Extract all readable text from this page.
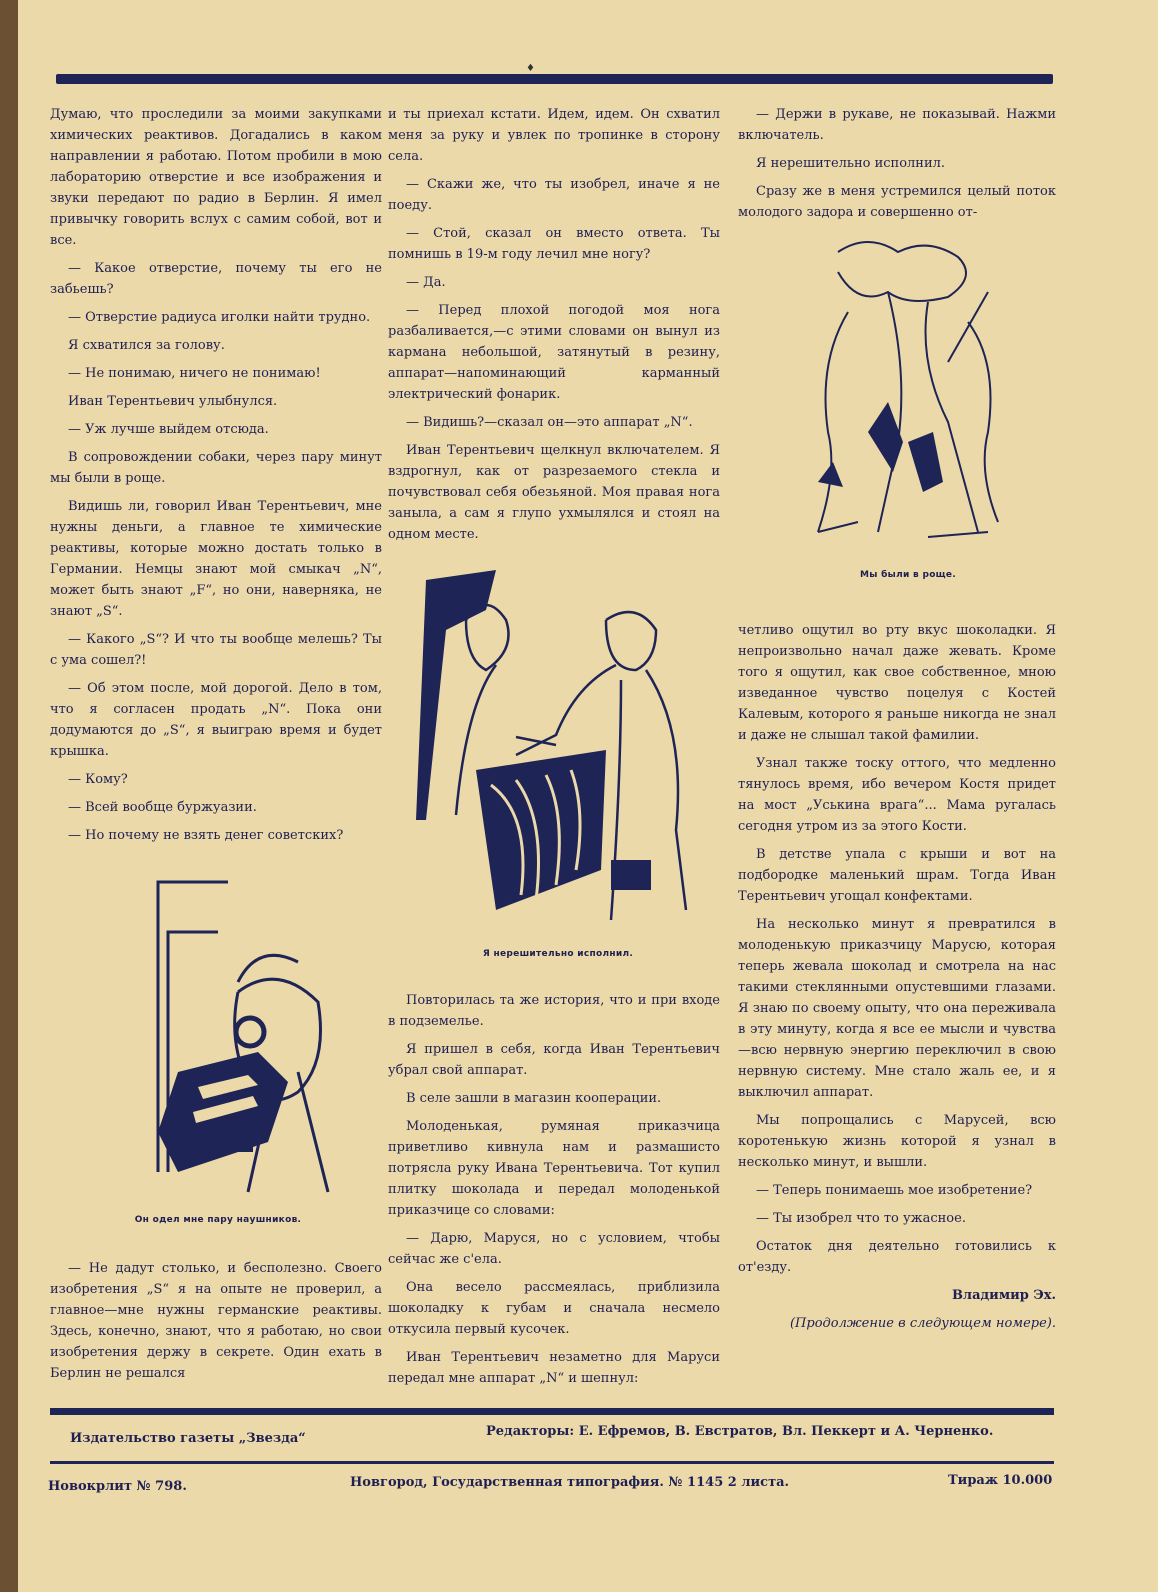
♦

Думаю, что проследили за моими закупками химических реактивов. Догадались в каком направлении я работаю. Потом пробили в мою лабораторию отверстие и все изображения и звуки передают по радио в Берлин. Я имел привычку говорить вслух с самим собой, вот и все.

— Какое отверстие, почему ты его не забьешь?

— Отверстие радиуса иголки найти трудно.

Я схватился за голову.

— Не понимаю, ничего не понимаю!

Иван Терентьевич улыбнулся.

— Уж лучше выйдем отсюда.

В сопровождении собаки, через пару минут мы были в роще.

Видишь ли, говорил Иван Терентьевич, мне нужны деньги, а главное те химические реактивы, которые можно достать только в Германии. Немцы знают мой смыкач „N“, может быть знают „F“, но они, наверняка, не знают „S“.

— Какого „S“? И что ты вообще мелешь? Ты с ума сошел?!

— Об этом после, мой дорогой. Дело в том, что я согласен продать „N“. Пока они додумаются до „S“, я выиграю время и будет крышка.

— Кому?

— Всей вообще буржуазии.

— Но почему не взять денег советских?

Он одел мне пару наушников.

— Не дадут столько, и бесполезно. Своего изобретения „S“ я на опыте не проверил, а главное—мне нужны германские реактивы. Здесь, конечно, знают, что я работаю, но свои изобретения держу в секрете. Один ехать в Берлин не решался

и ты приехал кстати. Идем, идем. Он схватил меня за руку и увлек по тропинке в сторону села.

— Скажи же, что ты изобрел, иначе я не поеду.

— Стой, сказал он вместо ответа. Ты помнишь в 19-м году лечил мне ногу?

— Да.

— Перед плохой погодой моя нога разбаливается,—с этими словами он вынул из кармана небольшой, затянутый в резину, аппарат—напоминающий карманный электрический фонарик.

— Видишь?—сказал он—это аппарат „N“.

Иван Терентьевич щелкнул включателем. Я вздрогнул, как от разрезаемого стекла и почувствовал себя обезьяной. Моя правая нога заныла, а сам я глупо ухмылялся и стоял на одном месте.

Я нерешительно исполнил.

Повторилась та же история, что и при входе в подземелье.

Я пришел в себя, когда Иван Терентьевич убрал свой аппарат.

В селе зашли в магазин кооперации.

Молоденькая, румяная приказчица приветливо кивнула нам и размашисто потрясла руку Ивана Терентьевича. Тот купил плитку шоколада и передал молоденькой приказчице со словами:

— Дарю, Маруся, но с условием, чтобы сейчас же с'ела.

Она весело рассмеялась, приблизила шоколадку к губам и сначала несмело откусила первый кусочек.

Иван Терентьевич незаметно для Маруси передал мне аппарат „N“ и шепнул:

— Держи в рукаве, не показывай. Нажми включатель.

Я нерешительно исполнил.

Сразу же в меня устремился целый поток молодого задора и совершенно от-

Мы были в роще.

четливо ощутил во рту вкус шоколадки. Я непроизвольно начал даже жевать. Кроме того я ощутил, как свое собственное, мною изведанное чувство поцелуя с Костей Калевым, которого я раньше никогда не знал и даже не слышал такой фамилии.

Узнал также тоску оттого, что медленно тянулось время, ибо вечером Костя придет на мост „Уськина врага“... Мама ругалась сегодня утром из за этого Кости.

В детстве упала с крыши и вот на подбородке маленький шрам. Тогда Иван Терентьевич угощал конфектами.

На несколько минут я превратился в молоденькую приказчицу Марусю, которая теперь жевала шоколад и смотрела на нас такими стеклянными опустевшими глазами. Я знаю по своему опыту, что она переживала в эту минуту, когда я все ее мысли и чувства—всю нервную энергию переключил в свою нервную систему. Мне стало жаль ее, и я выключил аппарат.

Мы попрощались с Марусей, всю коротенькую жизнь которой я узнал в несколько минут, и вышли.

— Теперь понимаешь мое изобретение?

— Ты изобрел что то ужасное.

Остаток дня деятельно готовились к от'езду.

Владимир Эх.

(Продолжение в следующем номере).

Издательство газеты „Звезда“	Редакторы: Е. Ефремов, В. Евстратов, Вл. Пеккерт и А. Черненко.
Новокрлит № 798.	Новгород, Государственная типография. № 1145 2 листа.	Тираж 10.000
